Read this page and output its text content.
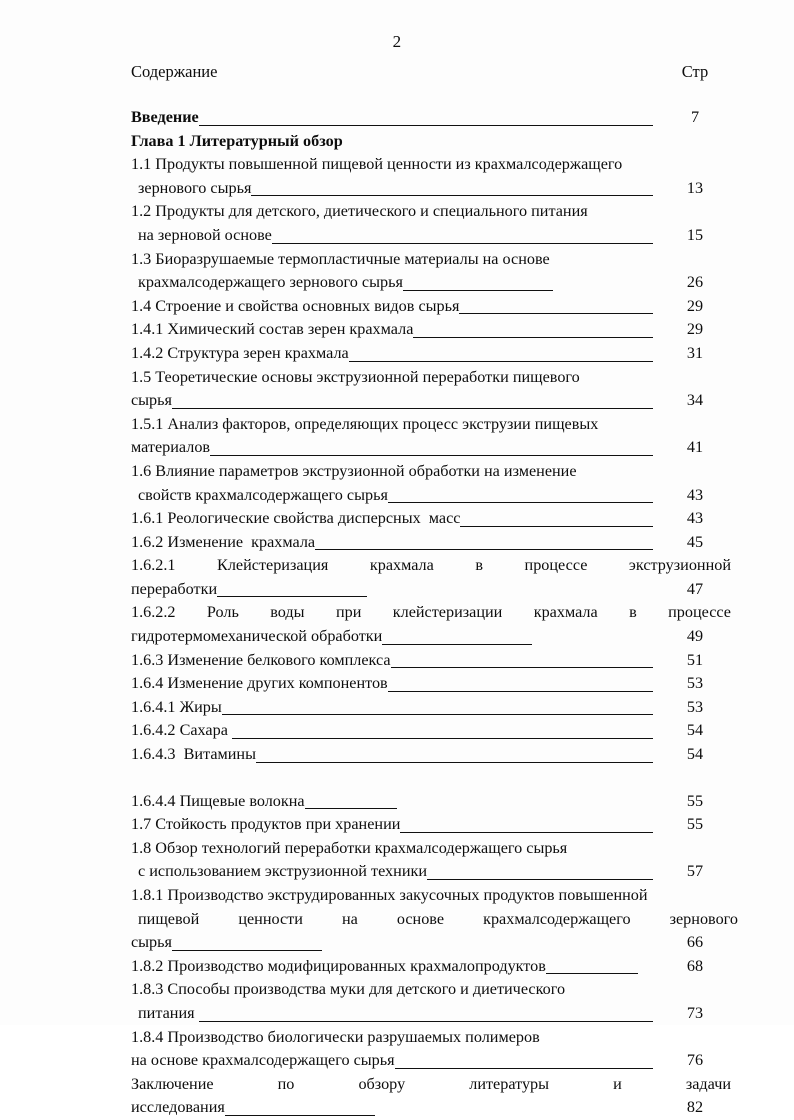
2
Содержание	Стр
Введение	7
Глава 1 Литературный обзор
1.1 Продукты повышенной пищевой ценности из крахмалсодержащего
зернового сырья	13
1.2 Продукты для детского, диетического и специального питания
на зерновой основе	15
1.3 Биоразрушаемые термопластичные материалы на основе
крахмалсодержащего зернового сырья	26
1.4 Строение и свойства основных видов сырья	29
1.4.1 Химический состав зерен крахмала	29
1.4.2 Структура зерен крахмала	31
1.5 Теоретические основы экструзионной переработки пищевого
сырья	34
1.5.1 Анализ факторов, определяющих процесс экструзии пищевых
материалов	41
1.6 Влияние параметров экструзионной обработки на изменение
свойств крахмалсодержащего сырья	43
1.6.1 Реологические свойства дисперсных  масс	43
1.6.2 Изменение  крахмала	45
1.6.2.1 Клейстеризация крахмала в процессе экструзионной
переработки	47
1.6.2.2 Роль воды при клейстеризации крахмала в процессе
гидротермомеханической обработки	49
1.6.3 Изменение белкового комплекса	51
1.6.4 Изменение других компонентов	53
1.6.4.1 Жиры	53
1.6.4.2 Сахара	54
1.6.4.3  Витамины	54
1.6.4.4 Пищевые волокна	55
1.7 Стойкость продуктов при хранении	55
1.8 Обзор технологий переработки крахмалсодержащего сырья
с использованием экструзионной техники	57
1.8.1 Производство экструдированных закусочных продуктов повышенной
пищевой ценности на основе крахмалсодержащего зернового
сырья	66
1.8.2 Производство модифицированных крахмалопродуктов	68
1.8.3 Способы производства муки для детского и диетического
питания	73
1.8.4 Производство биологически разрушаемых полимеров
на основе крахмалсодержащего сырья	76
Заключение по обзору литературы и задачи
исследования	82
